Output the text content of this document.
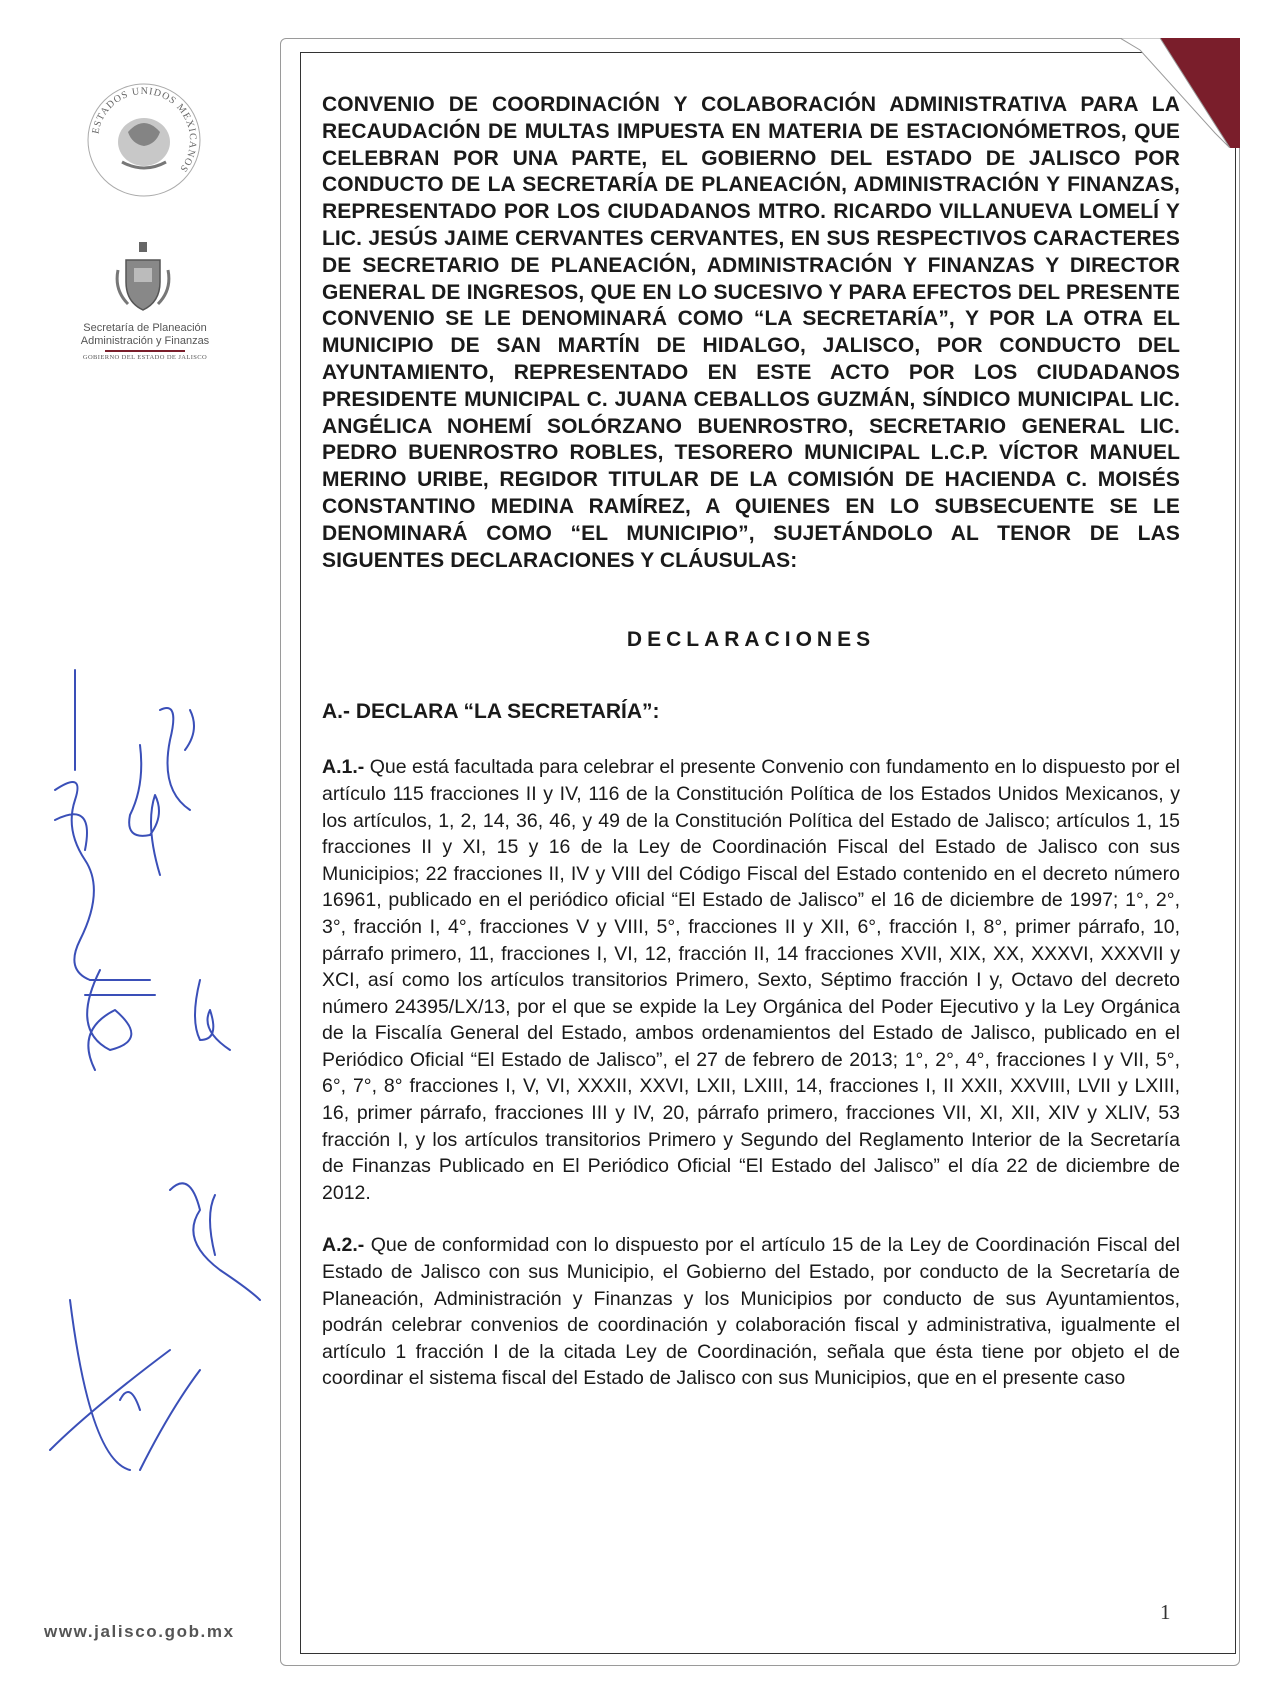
ESTADOS UNIDOS MEXICANOS
Secretaría de Planeación
Administración y Finanzas
GOBIERNO DEL ESTADO DE JALISCO
www.jalisco.gob.mx

CONVENIO DE COORDINACIÓN Y COLABORACIÓN ADMINISTRATIVA PARA LA RECAUDACIÓN DE MULTAS IMPUESTA EN MATERIA DE ESTACIONÓMETROS, QUE CELEBRAN POR UNA PARTE, EL GOBIERNO DEL ESTADO DE JALISCO POR CONDUCTO DE LA SECRETARÍA DE PLANEACIÓN, ADMINISTRACIÓN Y FINANZAS, REPRESENTADO POR LOS CIUDADANOS MTRO. RICARDO VILLANUEVA LOMELÍ Y LIC. JESÚS JAIME CERVANTES CERVANTES, EN SUS RESPECTIVOS CARACTERES DE SECRETARIO DE PLANEACIÓN, ADMINISTRACIÓN Y FINANZAS Y DIRECTOR GENERAL DE INGRESOS, QUE EN LO SUCESIVO Y PARA EFECTOS DEL PRESENTE CONVENIO SE LE DENOMINARÁ COMO “LA SECRETARÍA”, Y POR LA OTRA EL MUNICIPIO DE SAN MARTÍN DE HIDALGO, JALISCO, POR CONDUCTO DEL AYUNTAMIENTO, REPRESENTADO EN ESTE ACTO POR LOS CIUDADANOS PRESIDENTE MUNICIPAL C. JUANA CEBALLOS GUZMÁN, SÍNDICO MUNICIPAL LIC. ANGÉLICA NOHEMÍ SOLÓRZANO BUENROSTRO, SECRETARIO GENERAL LIC. PEDRO BUENROSTRO ROBLES, TESORERO MUNICIPAL L.C.P. VÍCTOR MANUEL MERINO URIBE, REGIDOR TITULAR DE LA COMISIÓN DE HACIENDA C. MOISÉS CONSTANTINO MEDINA RAMÍREZ, A QUIENES EN LO SUBSECUENTE SE LE DENOMINARÁ COMO “EL MUNICIPIO”, SUJETÁNDOLO AL TENOR DE LAS SIGUENTES DECLARACIONES Y CLÁUSULAS:

DECLARACIONES
A.- DECLARA “LA SECRETARÍA”:

A.1.- Que está facultada para celebrar el presente Convenio con fundamento en lo dispuesto por el artículo 115 fracciones II y IV, 116 de la Constitución Política de los Estados Unidos Mexicanos, y los artículos, 1, 2, 14, 36, 46, y 49 de la Constitución Política del Estado de Jalisco; artículos 1, 15 fracciones II y XI, 15 y 16 de la Ley de Coordinación Fiscal del Estado de Jalisco con sus Municipios; 22 fracciones II, IV y VIII del Código Fiscal del Estado contenido en el decreto número 16961, publicado en el periódico oficial “El Estado de Jalisco” el 16 de diciembre de 1997; 1°, 2°, 3°, fracción I, 4°, fracciones V y VIII, 5°, fracciones II y XII, 6°, fracción I, 8°, primer párrafo, 10, párrafo primero, 11, fracciones I, VI, 12, fracción II, 14 fracciones XVII, XIX, XX, XXXVI, XXXVII y XCI, así como los artículos transitorios Primero, Sexto, Séptimo fracción I y, Octavo del decreto número 24395/LX/13, por el que se expide la Ley Orgánica del Poder Ejecutivo y la Ley Orgánica de la Fiscalía General del Estado, ambos ordenamientos del Estado de Jalisco, publicado en el Periódico Oficial “El Estado de Jalisco”, el 27 de febrero de 2013; 1°, 2°, 4°, fracciones I y VII, 5°, 6°, 7°, 8° fracciones I, V, VI, XXXII, XXVI, LXII, LXIII, 14, fracciones I, II XXII, XXVIII, LVII y LXIII, 16, primer párrafo, fracciones III y IV, 20, párrafo primero, fracciones VII, XI, XII, XIV y XLIV, 53 fracción I, y los artículos transitorios Primero y Segundo del Reglamento Interior de la Secretaría de Finanzas Publicado en El Periódico Oficial “El Estado del Jalisco” el día 22 de diciembre de 2012.

A.2.- Que de conformidad con lo dispuesto por el artículo 15 de la Ley de Coordinación Fiscal del Estado de Jalisco con sus Municipio, el Gobierno del Estado, por conducto de la Secretaría de Planeación, Administración y Finanzas y los Municipios por conducto de sus Ayuntamientos, podrán celebrar convenios de coordinación y colaboración fiscal y administrativa, igualmente el artículo 1 fracción I de la citada Ley de Coordinación, señala que ésta tiene por objeto el de coordinar el sistema fiscal del Estado de Jalisco con sus Municipios, que en el presente caso

1
